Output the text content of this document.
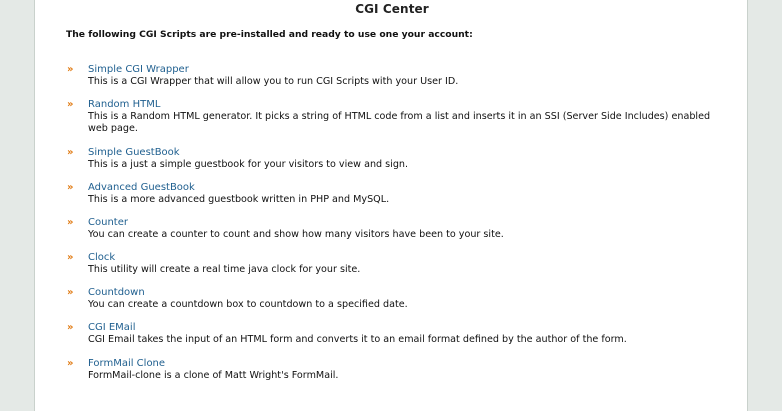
CGI Center
The following CGI Scripts are pre-installed and ready to use one your account:
» Simple CGI Wrapper
This is a CGI Wrapper that will allow you to run CGI Scripts with your User ID.
» Random HTML
This is a Random HTML generator. It picks a string of HTML code from a list and inserts it in an SSI (Server Side Includes) enabled web page.
» Simple GuestBook
This is a just a simple guestbook for your visitors to view and sign.
» Advanced GuestBook
This is a more advanced guestbook written in PHP and MySQL.
» Counter
You can create a counter to count and show how many visitors have been to your site.
» Clock
This utility will create a real time java clock for your site.
» Countdown
You can create a countdown box to countdown to a specified date.
» CGI EMail
CGI Email takes the input of an HTML form and converts it to an email format defined by the author of the form.
» FormMail Clone
FormMail-clone is a clone of Matt Wright's FormMail.
